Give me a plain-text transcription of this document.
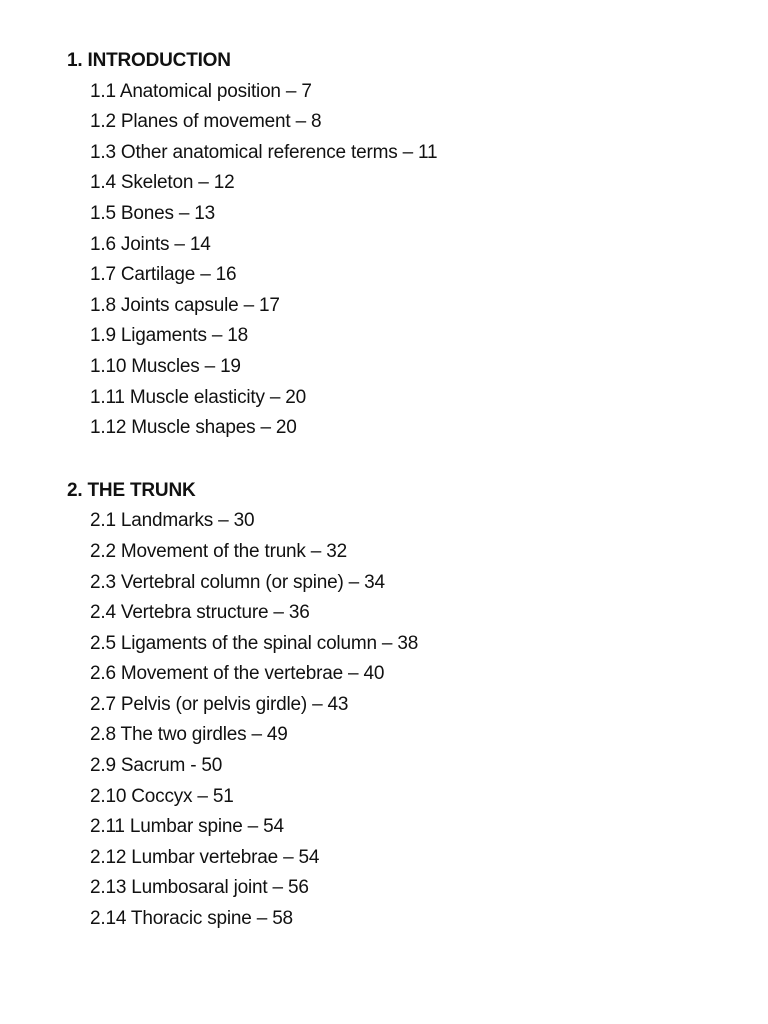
1. INTRODUCTION
1.1 Anatomical position – 7
1.2 Planes of movement – 8
1.3 Other anatomical reference terms – 11
1.4 Skeleton – 12
1.5 Bones – 13
1.6 Joints – 14
1.7 Cartilage – 16
1.8 Joints capsule – 17
1.9 Ligaments – 18
1.10 Muscles – 19
1.11 Muscle elasticity – 20
1.12 Muscle shapes – 20
2. THE TRUNK
2.1 Landmarks – 30
2.2 Movement of the trunk – 32
2.3 Vertebral column (or spine) – 34
2.4 Vertebra structure – 36
2.5 Ligaments of the spinal column – 38
2.6 Movement of the vertebrae – 40
2.7 Pelvis (or pelvis girdle) – 43
2.8 The two girdles – 49
2.9 Sacrum - 50
2.10 Coccyx – 51
2.11 Lumbar spine – 54
2.12 Lumbar vertebrae – 54
2.13 Lumbosaral joint – 56
2.14 Thoracic spine – 58
